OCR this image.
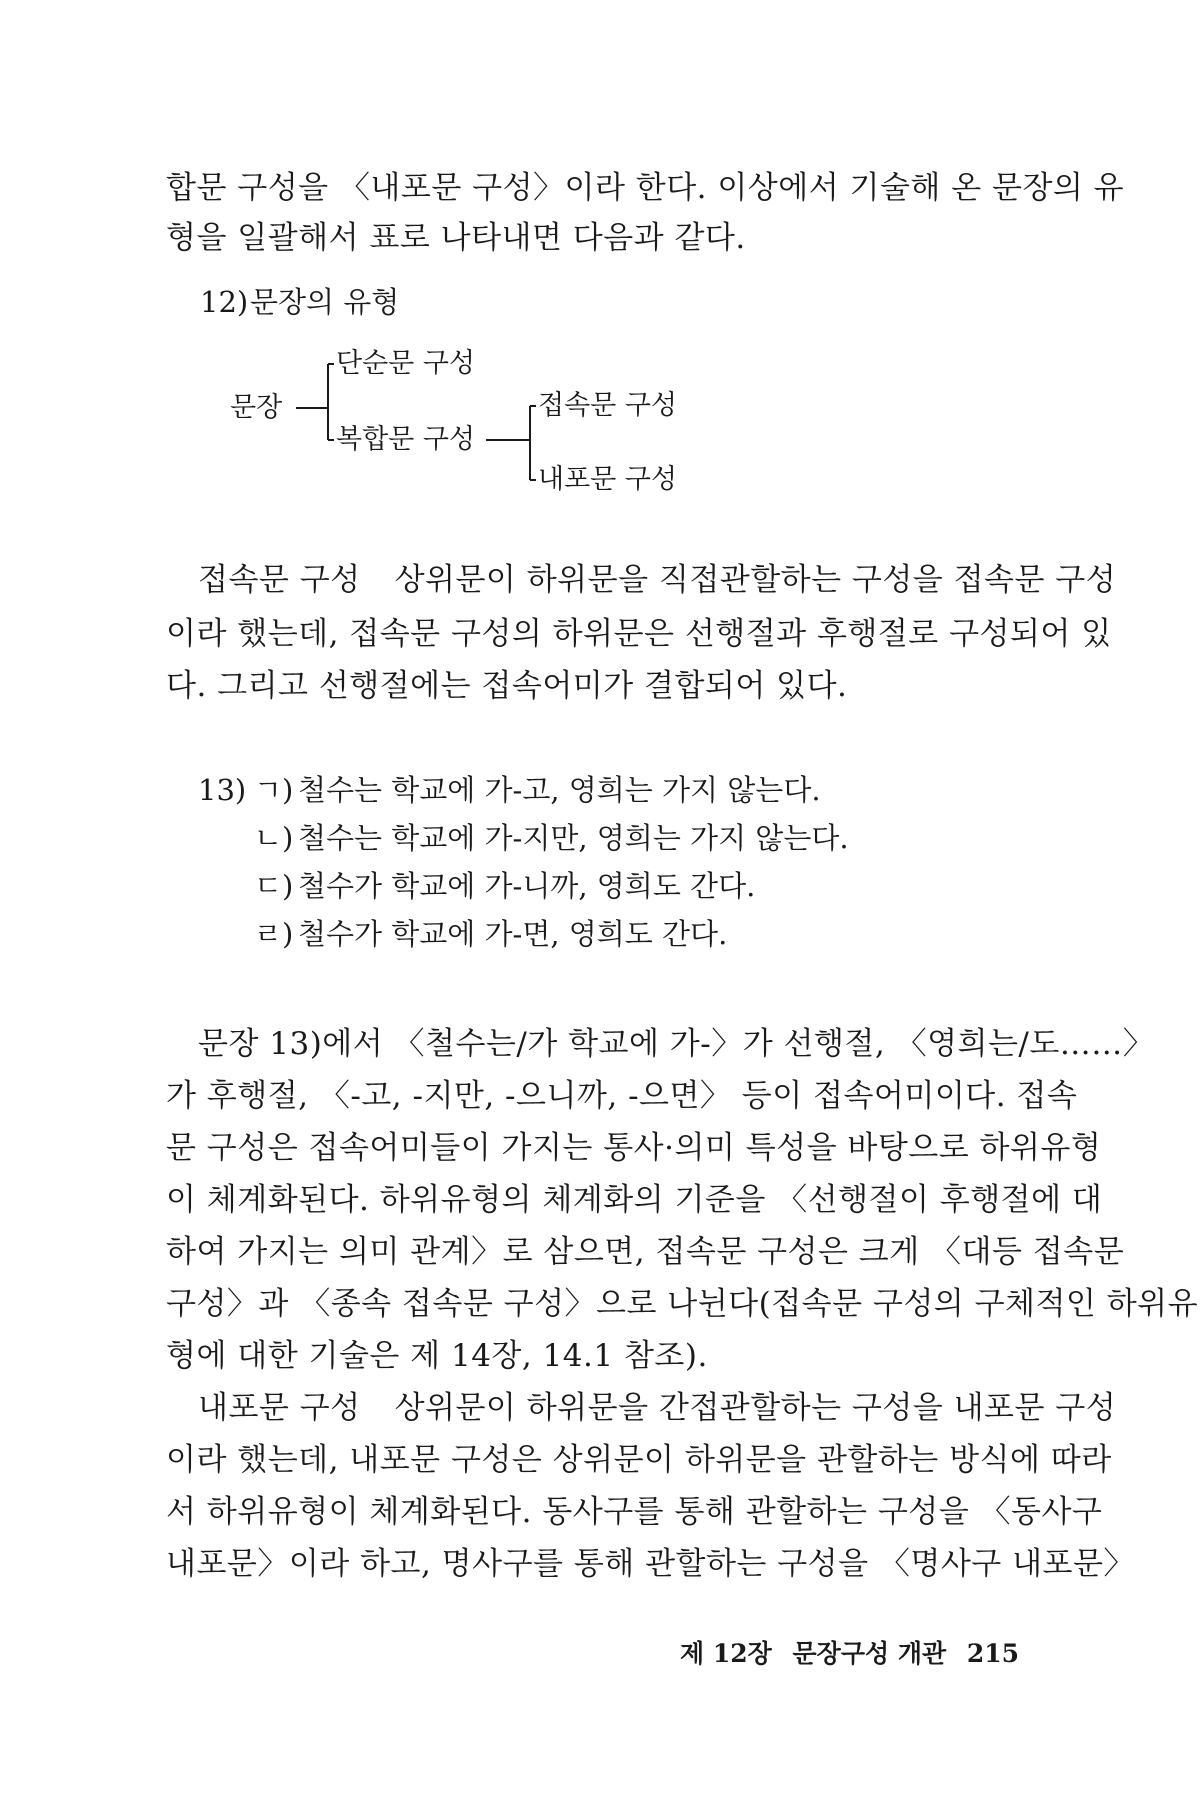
합문 구성을 〈내포문 구성〉이라 한다. 이상에서 기술해 온 문장의 유
형을 일괄해서 표로 나타내면 다음과 같다.
12) 문장의 유형
문장
단순문 구성
복합문 구성
접속문 구성
내포문 구성
접속문 구성 상위문이 하위문을 직접관할하는 구성을 접속문 구성
이라 했는데, 접속문 구성의 하위문은 선행절과 후행절로 구성되어 있
다. 그리고 선행절에는 접속어미가 결합되어 있다.
13) ㄱ) 철수는 학교에 가-고, 영희는 가지 않는다.
ㄴ) 철수는 학교에 가-지만, 영희는 가지 않는다.
ㄷ) 철수가 학교에 가-니까, 영희도 간다.
ㄹ) 철수가 학교에 가-면, 영희도 간다.
문장 13)에서 〈철수는/가 학교에 가-〉가 선행절, 〈영희는/도……〉
가 후행절, 〈-고, -지만, -으니까, -으면〉 등이 접속어미이다. 접속
문 구성은 접속어미들이 가지는 통사·의미 특성을 바탕으로 하위유형
이 체계화된다. 하위유형의 체계화의 기준을 〈선행절이 후행절에 대
하여 가지는 의미 관계〉로 삼으면, 접속문 구성은 크게 〈대등 접속문
구성〉과 〈종속 접속문 구성〉으로 나뉜다(접속문 구성의 구체적인 하위유
형에 대한 기술은 제 14장, 14.1 참조).
내포문 구성 상위문이 하위문을 간접관할하는 구성을 내포문 구성
이라 했는데, 내포문 구성은 상위문이 하위문을 관할하는 방식에 따라
서 하위유형이 체계화된다. 동사구를 통해 관할하는 구성을 〈동사구
내포문〉이라 하고, 명사구를 통해 관할하는 구성을 〈명사구 내포문〉
제 12장 문장구성 개관 215
